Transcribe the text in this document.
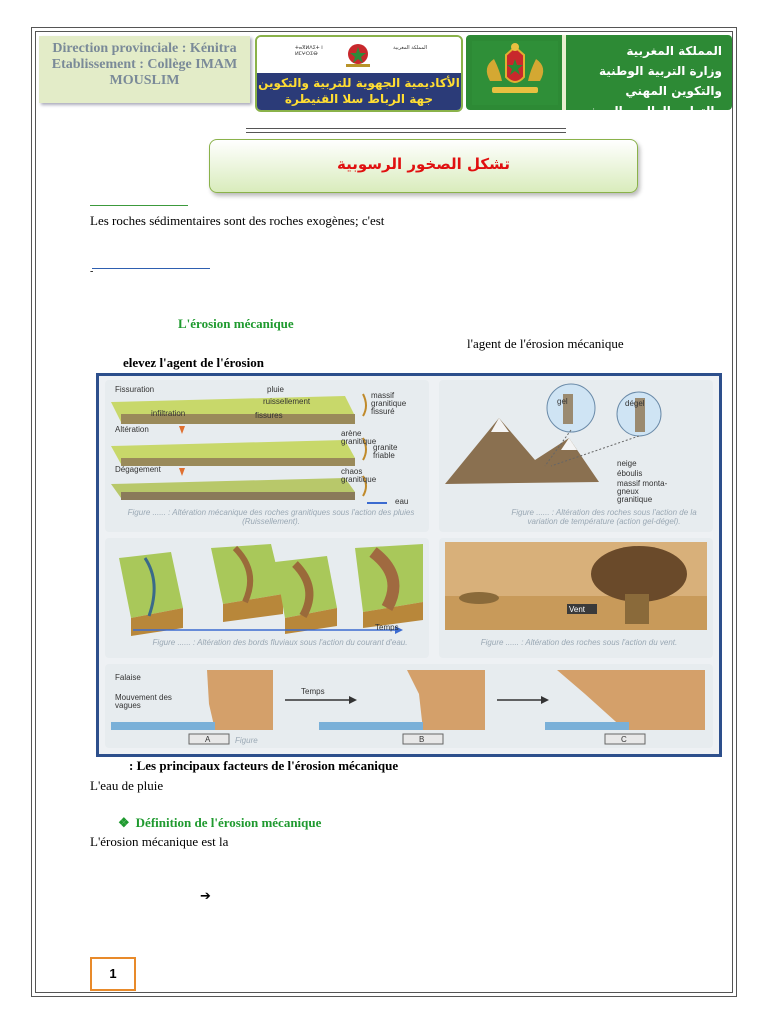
Direction provinciale : Kénitra
Etablissement : Collège IMAM
MOUSLIM
ⵜⴰⴳⵍⴷⵉⵜ ⵏ ⵍⵎⵖⵔⵉⴱ
المملكة المغربية
الأكاديمية الجهوية للتربية والتكوين جهة الرباط سلا القنيطرة
المملكة المغربية
وزارة التربية الوطنية والتكوين المهني
والتعليم العالي والبحث العلمي
تشكل الصخور الرسوبية
Les roches sédimentaires sont des roches exogènes; c'est
-
L'érosion mécanique
l'agent de l'érosion mécanique
elevez l'agent de l'érosion
Fissuration	pluie
ruissellement
infiltration	fissures
massif granitique fissuré
Altération	arène granitique
granite friable
Dégagement	chaos granitique
eau
Figure ...... : Altération mécanique des roches granitiques sous l'action des pluies (Ruissellement).
gel	dégel
neige
éboulis
massif monta-gneux granitique
Figure ...... : Altération des roches sous l'action de la variation de température (action gel-dégel).
Temps
Figure ...... : Altération des bords fluviaux sous l'action du courant d'eau.
Vent
Figure ...... : Altération des roches sous l'action du vent.
Falaise
Mouvement des vagues
Temps
A	B	C
Figure
: Les principaux facteurs de l'érosion mécanique
L'eau de pluie
❖ Définition de l'érosion mécanique
L'érosion mécanique est la
➔
1
